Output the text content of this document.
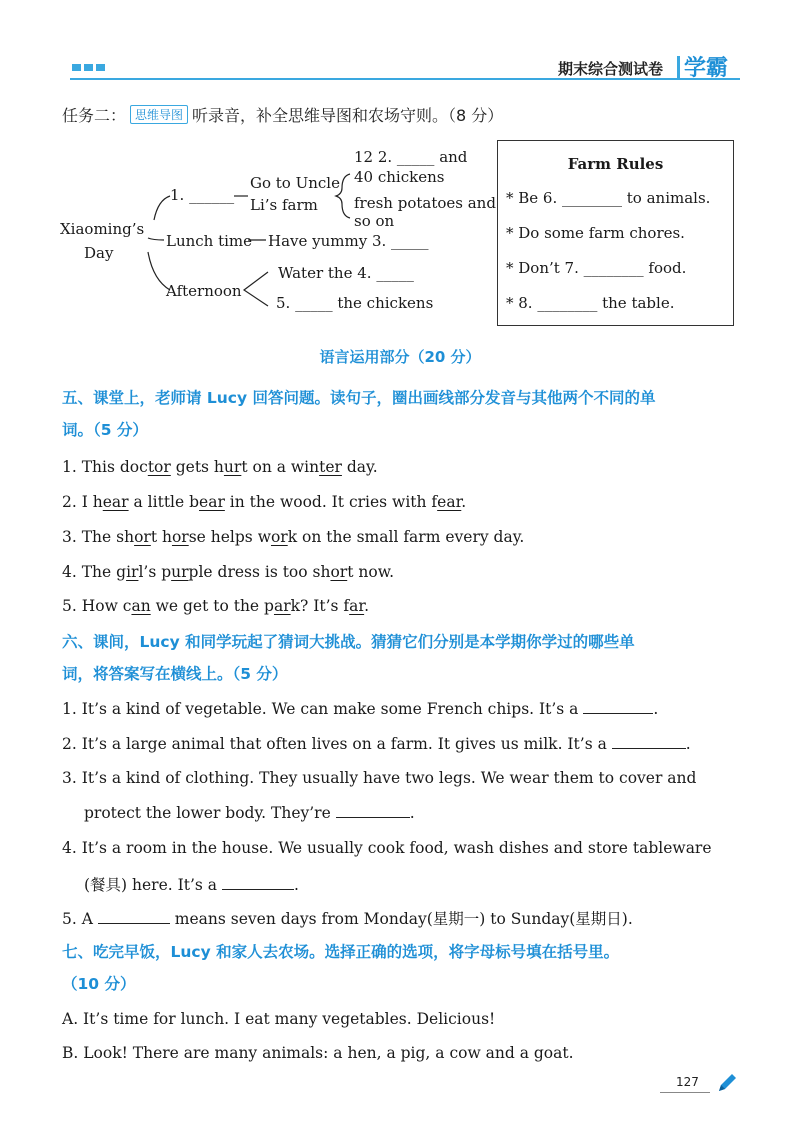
期末综合测试卷 学霸
任务二： 思维导图 听录音，补全思维导图和农场守则。（8 分）
Xiaoming’s
Day
1. ______
Go to Uncle
Li’s farm
12 2. _____ and
40 chickens
fresh potatoes and
so on
Lunch time Have yummy 3. _____
Afternoon
Water the 4. _____
5. _____ the chickens
Farm Rules
* Be 6. ________ to animals.
* Do some farm chores.
* Don’t 7. ________ food.
* 8. ________ the table.
语言运用部分（20 分）
五、课堂上，老师请 Lucy 回答问题。读句子，圈出画线部分发音与其他两个不同的单
词。（5 分）
1. This doctor gets hurt on a winter day.
2. I hear a little bear in the wood. It cries with fear.
3. The short horse helps work on the small farm every day.
4. The girl’s purple dress is too short now.
5. How can we get to the park? It’s far.
六、课间，Lucy 和同学玩起了猜词大挑战。猜猜它们分别是本学期你学过的哪些单
词，将答案写在横线上。（5 分）
1. It’s a kind of vegetable. We can make some French chips. It’s a	.
2. It’s a large animal that often lives on a farm. It gives us milk. It’s a	.
3. It’s a kind of clothing. They usually have two legs. We wear them to cover and
protect the lower body. They’re	.
4. It’s a room in the house. We usually cook food, wash dishes and store tableware
(餐具) here. It’s a	.
5. A	means seven days from Monday(星期一) to Sunday(星期日).
七、吃完早饭，Lucy 和家人去农场。选择正确的选项，将字母标号填在括号里。
（10 分）
A. It’s time for lunch. I eat many vegetables. Delicious!
B. Look! There are many animals: a hen, a pig, a cow and a goat.
127
